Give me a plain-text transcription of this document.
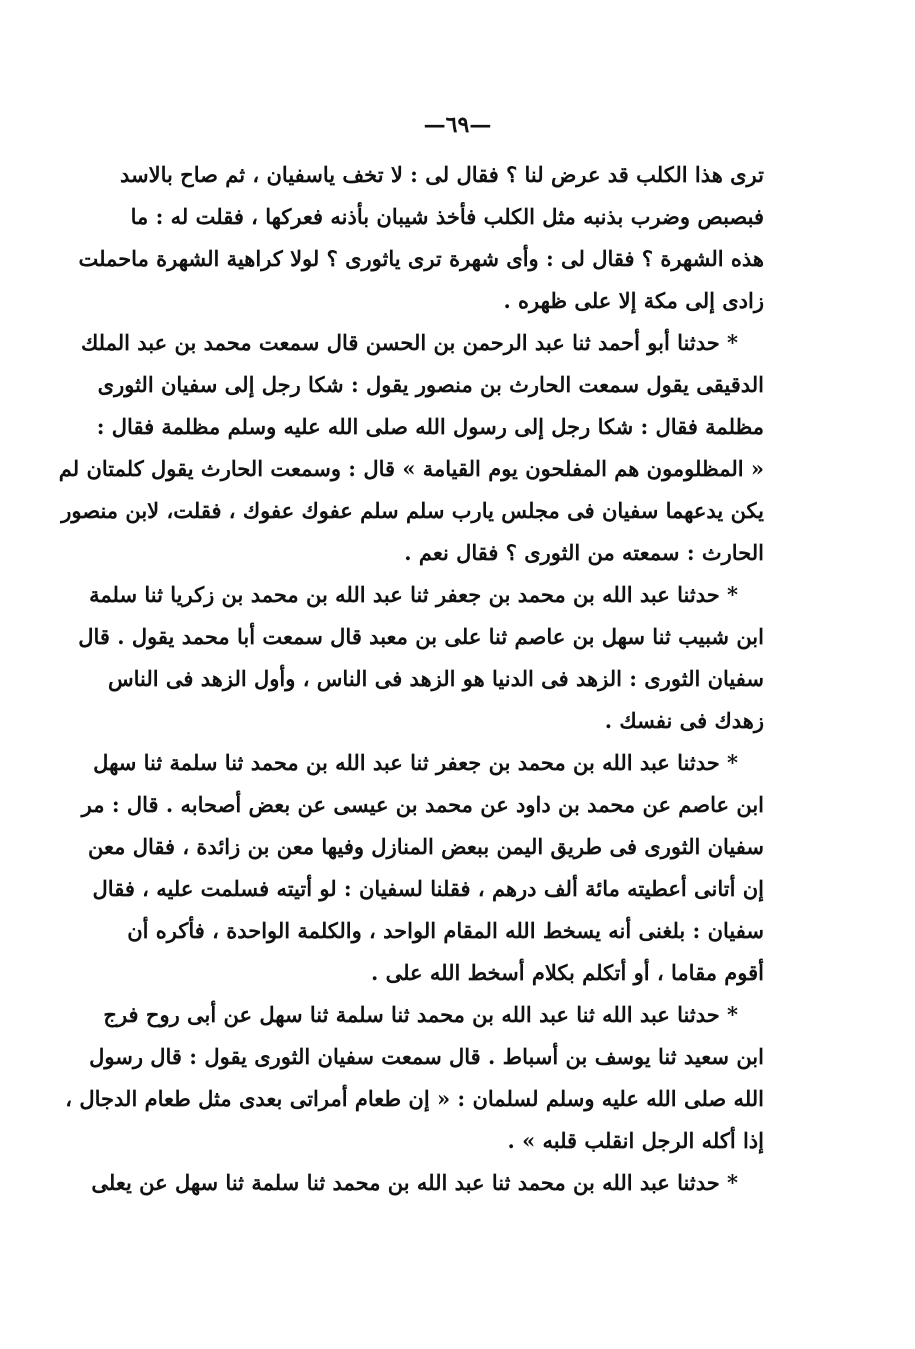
—٦٩—
ترى هذا الكلب قد عرض لنا ؟ فقال لى : لا تخف ياسفيان ، ثم صاح بالاسد
فبصبص وضرب بذنبه مثل الكلب فأخذ شيبان بأذنه فعركها ، فقلت له : ما
هذه الشهرة ؟ فقال لى : وأى شهرة ترى ياثورى ؟ لولا كراهية الشهرة ماحملت
زادى إلى مكة إلا على ظهره .
* حدثنا أبو أحمد ثنا عبد الرحمن بن الحسن قال سمعت محمد بن عبد الملك
الدقيقى يقول سمعت الحارث بن منصور يقول : شكا رجل إلى سفيان الثورى
مظلمة فقال : شكا رجل إلى رسول الله صلى الله عليه وسلم مظلمة فقال :
« المظلومون هم المفلحون يوم القيامة » قال : وسمعت الحارث يقول كلمتان لم
يكن يدعهما سفيان فى مجلس يارب سلم سلم عفوك عفوك ، فقلت، لابن منصور
الحارث : سمعته من الثورى ؟ فقال نعم .
* حدثنا عبد الله بن محمد بن جعفر ثنا عبد الله بن محمد بن زكريا ثنا سلمة
ابن شبيب ثنا سهل بن عاصم ثنا على بن معبد قال سمعت أبا محمد يقول . قال
سفيان الثورى : الزهد فى الدنيا هو الزهد فى الناس ، وأول الزهد فى الناس
زهدك فى نفسك .
* حدثنا عبد الله بن محمد بن جعفر ثنا عبد الله بن محمد ثنا سلمة ثنا سهل
ابن عاصم عن محمد بن داود عن محمد بن عيسى عن بعض أصحابه . قال : مر
سفيان الثورى فى طريق اليمن ببعض المنازل وفيها معن بن زائدة ، فقال معن
إن أتانى أعطيته مائة ألف درهم ، فقلنا لسفيان : لو أتيته فسلمت عليه ، فقال
سفيان : بلغنى أنه يسخط الله المقام الواحد ، والكلمة الواحدة ، فأكره أن
أقوم مقاما ، أو أتكلم بكلام أسخط الله على .
* حدثنا عبد الله ثنا عبد الله بن محمد ثنا سلمة ثنا سهل عن أبى روح فرج
ابن سعيد ثنا يوسف بن أسباط . قال سمعت سفيان الثورى يقول : قال رسول
الله صلى الله عليه وسلم لسلمان : « إن طعام أمراتى بعدى مثل طعام الدجال ،
إذا أكله الرجل انقلب قلبه » .
* حدثنا عبد الله بن محمد ثنا عبد الله بن محمد ثنا سلمة ثنا سهل عن يعلى
